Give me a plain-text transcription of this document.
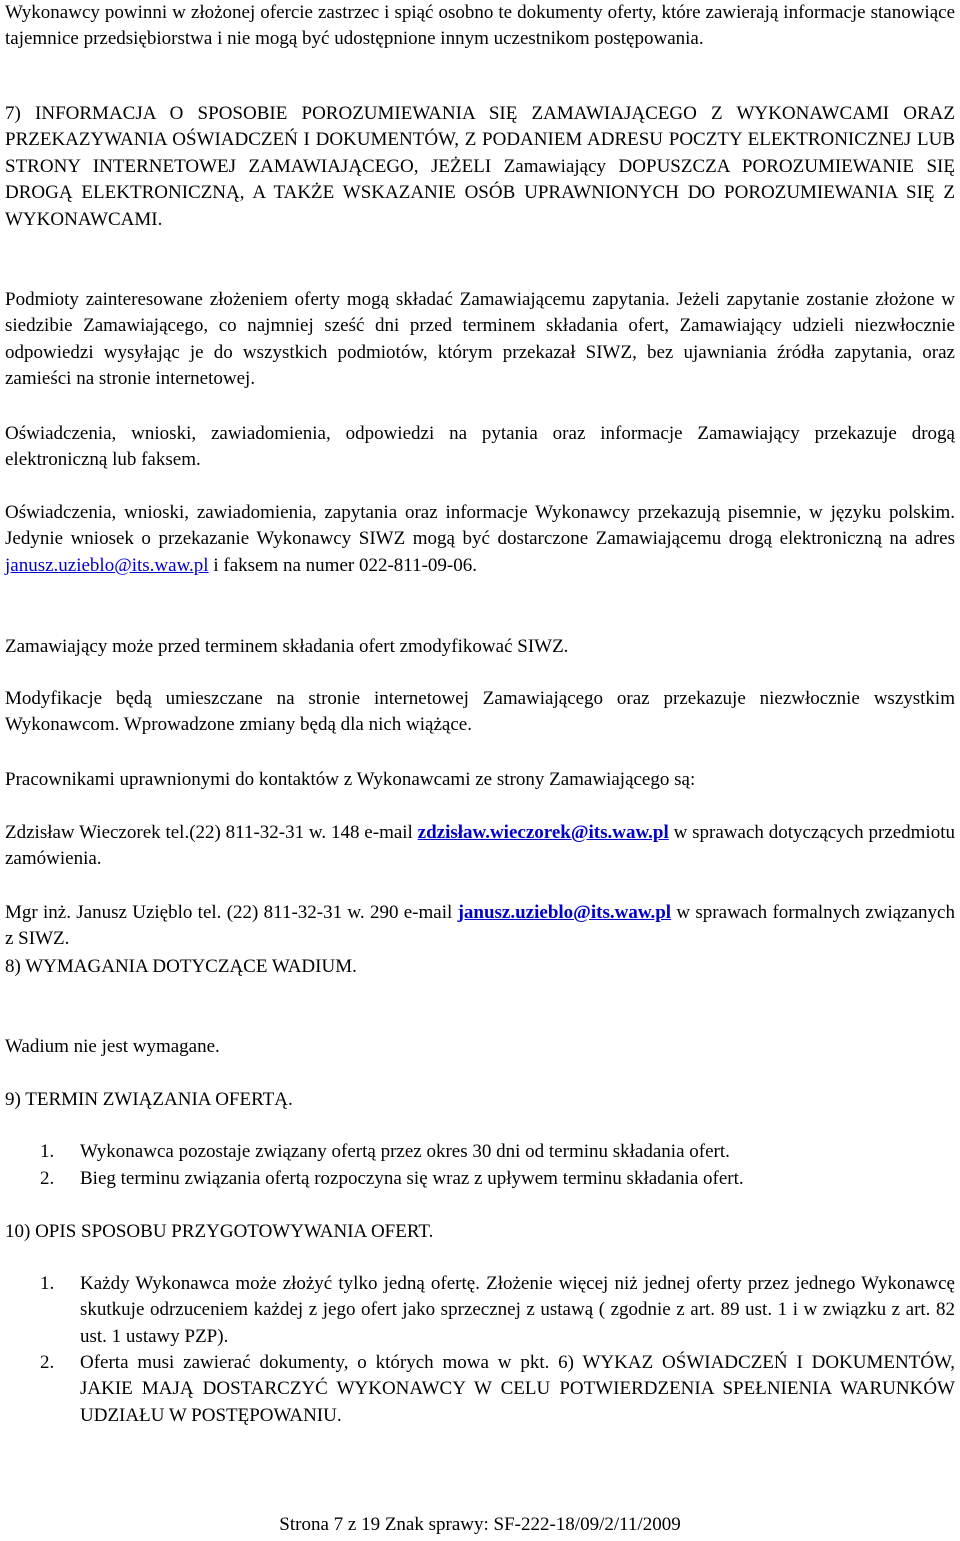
Wykonawcy powinni w złożonej ofercie zastrzec i spiąć osobno te dokumenty oferty, które zawierają informacje stanowiące tajemnice przedsiębiorstwa i nie mogą być udostępnione innym uczestnikom postępowania.

7) INFORMACJA O SPOSOBIE POROZUMIEWANIA SIĘ ZAMAWIAJĄCEGO Z WYKONAWCAMI ORAZ PRZEKAZYWANIA OŚWIADCZEŃ I DOKUMENTÓW, Z PODANIEM ADRESU POCZTY ELEKTRONICZNEJ LUB STRONY INTERNETOWEJ ZAMAWIAJĄCEGO, JEŻELI Zamawiający DOPUSZCZA POROZUMIEWANIE SIĘ DROGĄ ELEKTRONICZNĄ, A TAKŻE WSKAZANIE OSÓB UPRAWNIONYCH DO POROZUMIEWANIA SIĘ Z WYKONAWCAMI.

Podmioty zainteresowane złożeniem oferty mogą składać Zamawiającemu zapytania. Jeżeli zapytanie zostanie złożone w siedzibie Zamawiającego, co najmniej sześć dni przed terminem składania ofert, Zamawiający udzieli niezwłocznie odpowiedzi wysyłając je do wszystkich podmiotów, którym przekazał SIWZ, bez ujawniania źródła zapytania, oraz zamieści na stronie internetowej.

Oświadczenia, wnioski, zawiadomienia, odpowiedzi na pytania oraz informacje Zamawiający przekazuje drogą elektroniczną lub faksem.

Oświadczenia, wnioski, zawiadomienia, zapytania oraz informacje Wykonawcy przekazują pisemnie, w języku polskim. Jedynie wniosek o przekazanie Wykonawcy SIWZ mogą być dostarczone Zamawiającemu drogą elektroniczną na adres janusz.uzieblo@its.waw.pl i faksem na numer 022-811-09-06.

Zamawiający może przed terminem składania ofert zmodyfikować SIWZ.

Modyfikacje będą umieszczane na stronie internetowej Zamawiającego oraz przekazuje niezwłocznie wszystkim Wykonawcom. Wprowadzone zmiany będą dla nich wiążące.

Pracownikami uprawnionymi do kontaktów z Wykonawcami ze strony Zamawiającego są:

Zdzisław Wieczorek tel.(22) 811-32-31 w. 148 e-mail zdzisław.wieczorek@its.waw.pl w sprawach dotyczących przedmiotu zamówienia.

Mgr inż. Janusz Uzięblo tel. (22) 811-32-31 w. 290 e-mail janusz.uzieblo@its.waw.pl w sprawach formalnych związanych z SIWZ.

8) WYMAGANIA DOTYCZĄCE WADIUM.

Wadium nie jest wymagane.

9) TERMIN ZWIĄZANIA OFERTĄ.

1.	Wykonawca pozostaje związany ofertą przez okres 30 dni od terminu składania ofert.
2.	Bieg terminu związania ofertą rozpoczyna się wraz z upływem terminu składania ofert.

10) OPIS SPOSOBU PRZYGOTOWYWANIA OFERT.

1.	Każdy Wykonawca może złożyć tylko jedną ofertę. Złożenie więcej niż jednej oferty przez jednego Wykonawcę skutkuje odrzuceniem każdej z jego ofert jako sprzecznej z ustawą ( zgodnie z art. 89 ust. 1 i w związku z art. 82 ust. 1 ustawy PZP).
2.	Oferta musi zawierać dokumenty, o których mowa w pkt. 6) WYKAZ OŚWIADCZEŃ I DOKUMENTÓW, JAKIE MAJĄ DOSTARCZYĆ WYKONAWCY W CELU POTWIERDZENIA SPEŁNIENIA WARUNKÓW UDZIAŁU W POSTĘPOWANIU.
Strona 7 z 19 Znak sprawy: SF-222-18/09/2/11/2009
